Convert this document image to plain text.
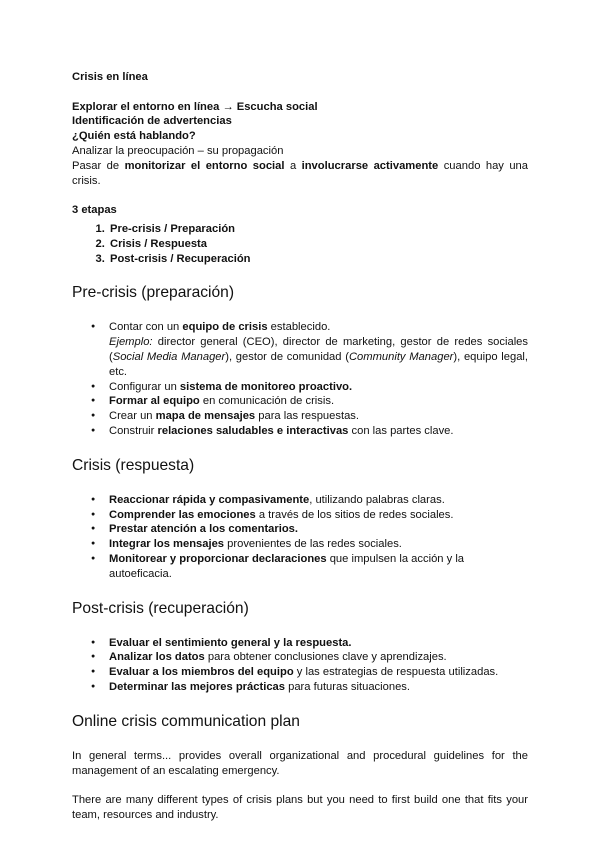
Crisis en línea

Explorar el entorno en línea → Escucha social

Identificación de advertencias

¿Quién está hablando?

Analizar la preocupación – su propagación

Pasar de monitorizar el entorno social a involucrarse activamente cuando hay una crisis.

3 etapas

1. Pre-crisis / Preparación
2. Crisis / Respuesta
3. Post-crisis / Recuperación
Pre-crisis (preparación)
● Contar con un equipo de crisis establecido.
Ejemplo: director general (CEO), director de marketing, gestor de redes sociales (Social Media Manager), gestor de comunidad (Community Manager), equipo legal, etc.
● Configurar un sistema de monitoreo proactivo.
● Formar al equipo en comunicación de crisis.
● Crear un mapa de mensajes para las respuestas.
● Construir relaciones saludables e interactivas con las partes clave.
Crisis (respuesta)
● Reaccionar rápida y compasivamente, utilizando palabras claras.
● Comprender las emociones a través de los sitios de redes sociales.
● Prestar atención a los comentarios.
● Integrar los mensajes provenientes de las redes sociales.
● Monitorear y proporcionar declaraciones que impulsen la acción y la autoeficacia.
Post-crisis (recuperación)
● Evaluar el sentimiento general y la respuesta.
● Analizar los datos para obtener conclusiones clave y aprendizajes.
● Evaluar a los miembros del equipo y las estrategias de respuesta utilizadas.
● Determinar las mejores prácticas para futuras situaciones.
Online crisis communication plan

In general terms... provides overall organizational and procedural guidelines for the management of an escalating emergency.

There are many different types of crisis plans but you need to first build one that fits your team, resources and industry.
